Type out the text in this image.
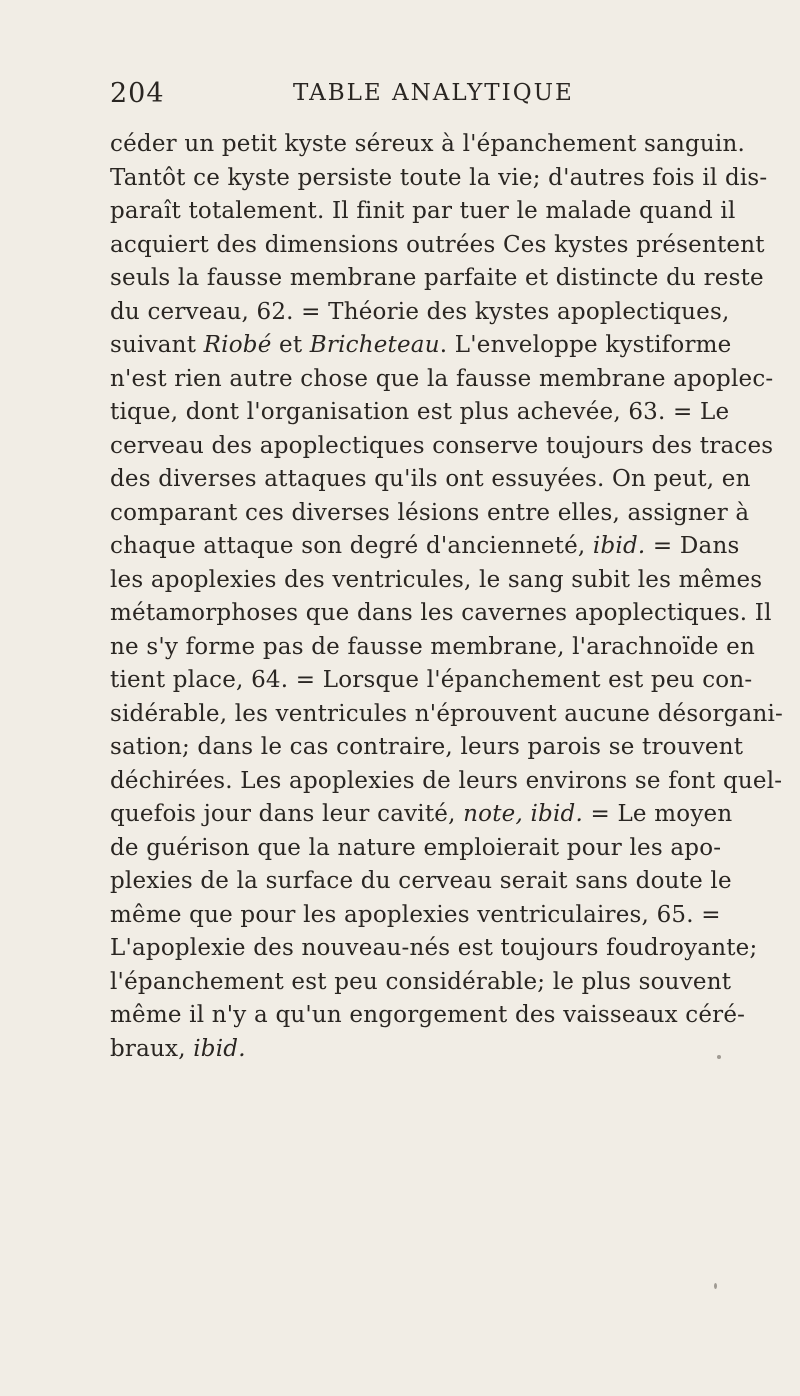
204	TABLE ANALYTIQUE
céder un petit kyste séreux à l'épanchement sanguin.
Tantôt ce kyste persiste toute la vie; d'autres fois il dis-
paraît totalement. Il finit par tuer le malade quand il
acquiert des dimensions outrées Ces kystes présentent
seuls la fausse membrane parfaite et distincte du reste
du cerveau, 62. = Théorie des kystes apoplectiques,
suivant Riobé et Bricheteau. L'enveloppe kystiforme
n'est rien autre chose que la fausse membrane apoplec-
tique, dont l'organisation est plus achevée, 63. = Le
cerveau des apoplectiques conserve toujours des traces
des diverses attaques qu'ils ont essuyées. On peut, en
comparant ces diverses lésions entre elles, assigner à
chaque attaque son degré d'ancienneté, ibid. = Dans
les apoplexies des ventricules, le sang subit les mêmes
métamorphoses que dans les cavernes apoplectiques. Il
ne s'y forme pas de fausse membrane, l'arachnoïde en
tient place, 64. = Lorsque l'épanchement est peu con-
sidérable, les ventricules n'éprouvent aucune désorgani-
sation; dans le cas contraire, leurs parois se trouvent
déchirées. Les apoplexies de leurs environs se font quel-
quefois jour dans leur cavité, note, ibid. = Le moyen
de guérison que la nature emploierait pour les apo-
plexies de la surface du cerveau serait sans doute le
même que pour les apoplexies ventriculaires, 65. =
L'apoplexie des nouveau-nés est toujours foudroyante;
l'épanchement est peu considérable; le plus souvent
même il n'y a qu'un engorgement des vaisseaux céré-
braux, ibid.
